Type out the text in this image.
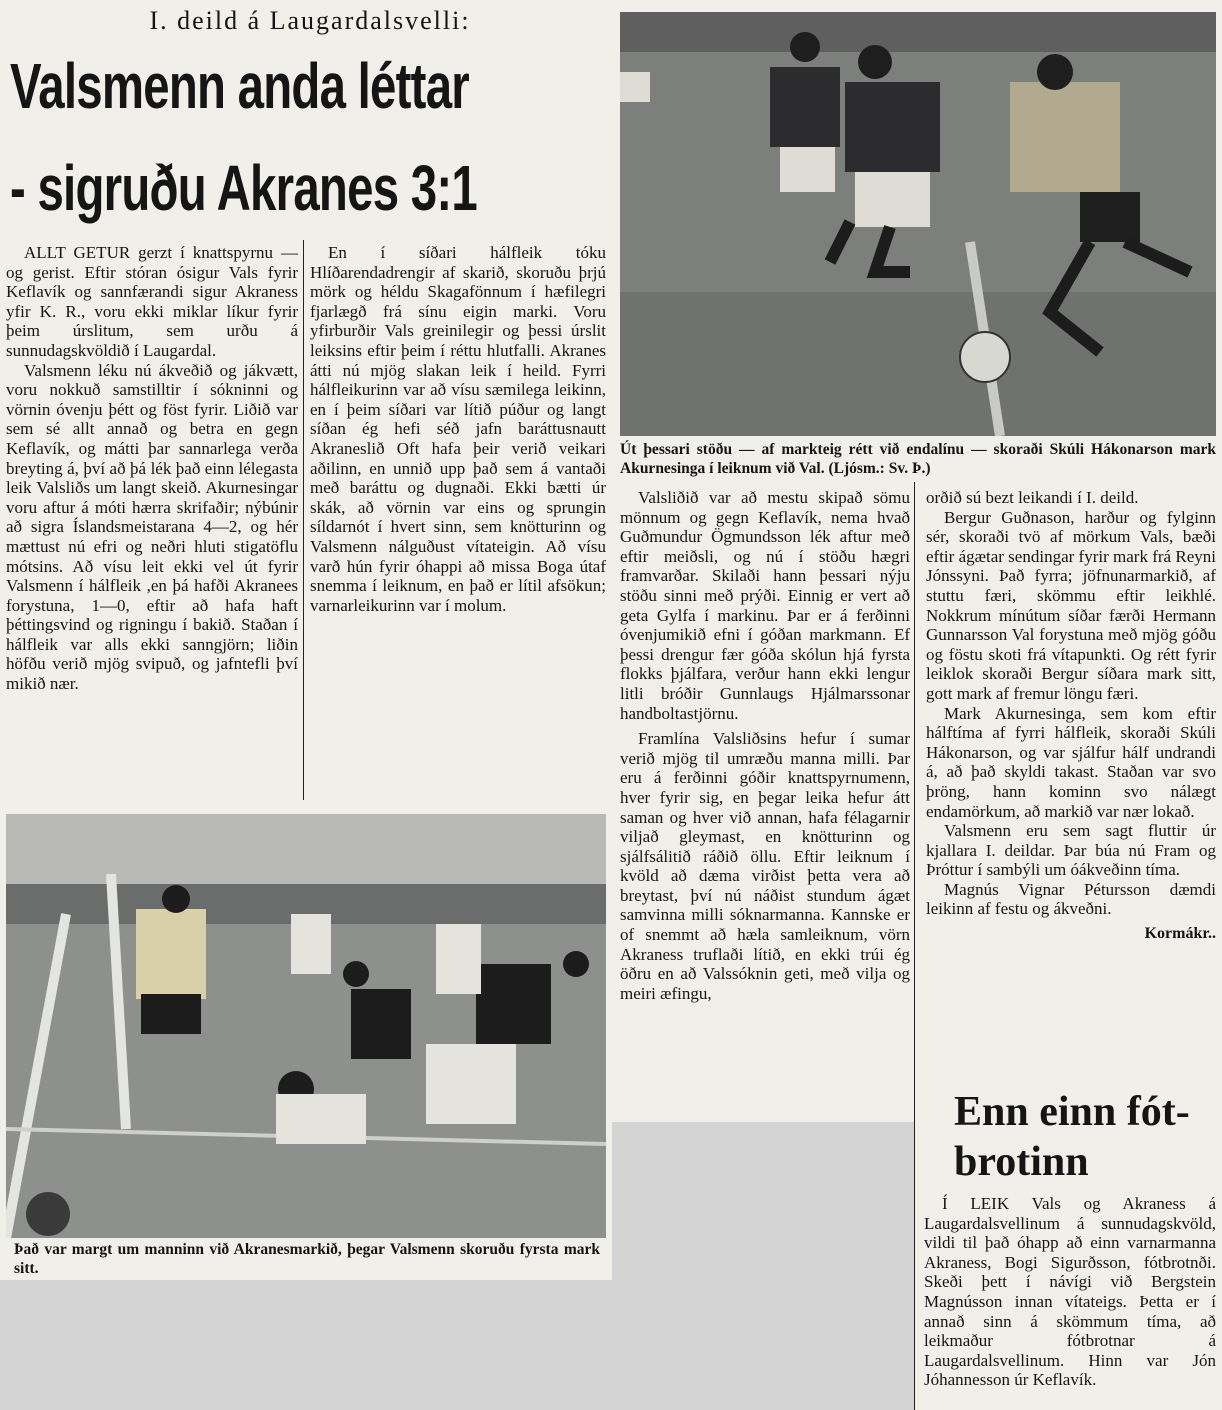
I. deild á Laugardalsvelli:
Valsmenn anda léttar
- sigruðu Akranes 3:1

ALLT GETUR gerzt í knattspyrnu — og gerist. Eftir stóran ósigur Vals fyrir Keflavík og sannfærandi sigur Akraness yfir K. R., voru ekki miklar líkur fyrir þeim úrslitum, sem urðu á sunnudagskvöldið í Laugardal.

Valsmenn léku nú ákveðið og jákvætt, voru nokkuð samstilltir í sókninni og vörnin óvenju þétt og föst fyrir. Liðið var sem sé allt annað og betra en gegn Keflavík, og mátti þar sannarlega verða breyting á, því að þá lék það einn lélegasta leik Valsliðs um langt skeið. Akurnesingar voru aftur á móti hærra skrifaðir; nýbúnir að sigra Íslandsmeistarana 4—2, og hér mættust nú efri og neðri hluti stigatöflu mótsins. Að vísu leit ekki vel út fyrir Valsmenn í hálfleik ,en þá hafði Akranees forystuna, 1—0, eftir að hafa haft þéttingsvind og rigningu í bakið. Staðan í hálfleik var alls ekki sanngjörn; liðin höfðu verið mjög svipuð, og jafntefli því mikið nær.

En í síðari hálfleik tóku Hlíðarendadrengir af skarið, skoruðu þrjú mörk og héldu Skagafönnum í hæfilegri fjarlægð frá sínu eigin marki. Voru yfirburðir Vals greinilegir og þessi úrslit leiksins eftir þeim í réttu hlutfalli. Akranes átti nú mjög slakan leik í heild. Fyrri hálfleikurinn var að vísu sæmilega leikinn, en í þeim síðari var lítið púður og langt síðan ég hefi séð jafn baráttusnautt Akraneslið Oft hafa þeir verið veikari aðilinn, en unnið upp það sem á vantaði með baráttu og dugnaði. Ekki bætti úr skák, að vörnin var eins og sprungin síldarnót í hvert sinn, sem knötturinn og Valsmenn nálguðust vítateigin. Að vísu varð hún fyrir óhappi að missa Boga útaf snemma í leiknum, en það er lítil afsökun; varnarleikurinn var í molum.

Út þessari stöðu — af markteig rétt við endalínu — skoraði Skúli Hákonarson mark Akurnesinga í leiknum við Val. (Ljósm.: Sv. Þ.)

Valsliðið var að mestu skipað sömu mönnum og gegn Keflavík, nema hvað Guðmundur Ögmundsson lék aftur með eftir meiðsli, og nú í stöðu hægri framvarðar. Skilaði hann þessari nýju stöðu sinni með prýði. Einnig er vert að geta Gylfa í markinu. Þar er á ferðinni óvenjumikið efni í góðan markmann. Ef þessi drengur fær góða skólun hjá fyrsta flokks þjálfara, verður hann ekki lengur litli bróðir Gunnlaugs Hjálmarssonar handboltastjörnu.

Framlína Valsliðsins hefur í sumar verið mjög til umræðu manna milli. Þar eru á ferðinni góðir knattspyrnumenn, hver fyrir sig, en þegar leika hefur átt saman og hver við annan, hafa félagarnir viljað gleymast, en knötturinn og sjálfsálitið ráðið öllu. Eftir leiknum í kvöld að dæma virðist þetta vera að breytast, því nú náðist stundum ágæt samvinna milli sóknarmanna. Kannske er of snemmt að hæla samleiknum, vörn Akraness truflaði lítið, en ekki trúi ég öðru en að Valssóknin geti, með vilja og meiri æfingu,

orðið sú bezt leikandi í I. deild.

Bergur Guðnason, harður og fylginn sér, skoraði tvö af mörkum Vals, bæði eftir ágætar sendingar fyrir mark frá Reyni Jónssyni. Það fyrra; jöfnunarmarkið, af stuttu færi, skömmu eftir leikhlé. Nokkrum mínútum síðar færði Hermann Gunnarsson Val forystuna með mjög góðu og föstu skoti frá vítapunkti. Og rétt fyrir leiklok skoraði Bergur síðara mark sitt, gott mark af fremur löngu færi.

Mark Akurnesinga, sem kom eftir hálftíma af fyrri hálfleik, skoraði Skúli Hákonarson, og var sjálfur hálf undrandi á, að það skyldi takast. Staðan var svo þröng, hann kominn svo nálægt endamörkum, að markið var nær lokað.

Valsmenn eru sem sagt fluttir úr kjallara I. deildar. Þar búa nú Fram og Þróttur í sambýli um óákveðinn tíma.

Magnús Vignar Pétursson dæmdi leikinn af festu og ákveðni.

Kormákr..
Það var margt um manninn við Akranesmarkið, þegar Valsmenn skoruðu fyrsta mark sitt.
Enn einn fót-
brotinn

Í LEIK Vals og Akraness á Laugardalsvellinum á sunnudagskvöld, vildi til það óhapp að einn varnarmanna Akraness, Bogi Sigurðsson, fótbrotnði. Skeði þett í návígi við Bergstein Magnússon innan vítateigs. Þetta er í annað sinn á skömmum tíma, að leikmaður fótbrotnar á Laugardalsvellinum. Hinn var Jón Jóhannesson úr Keflavík.
